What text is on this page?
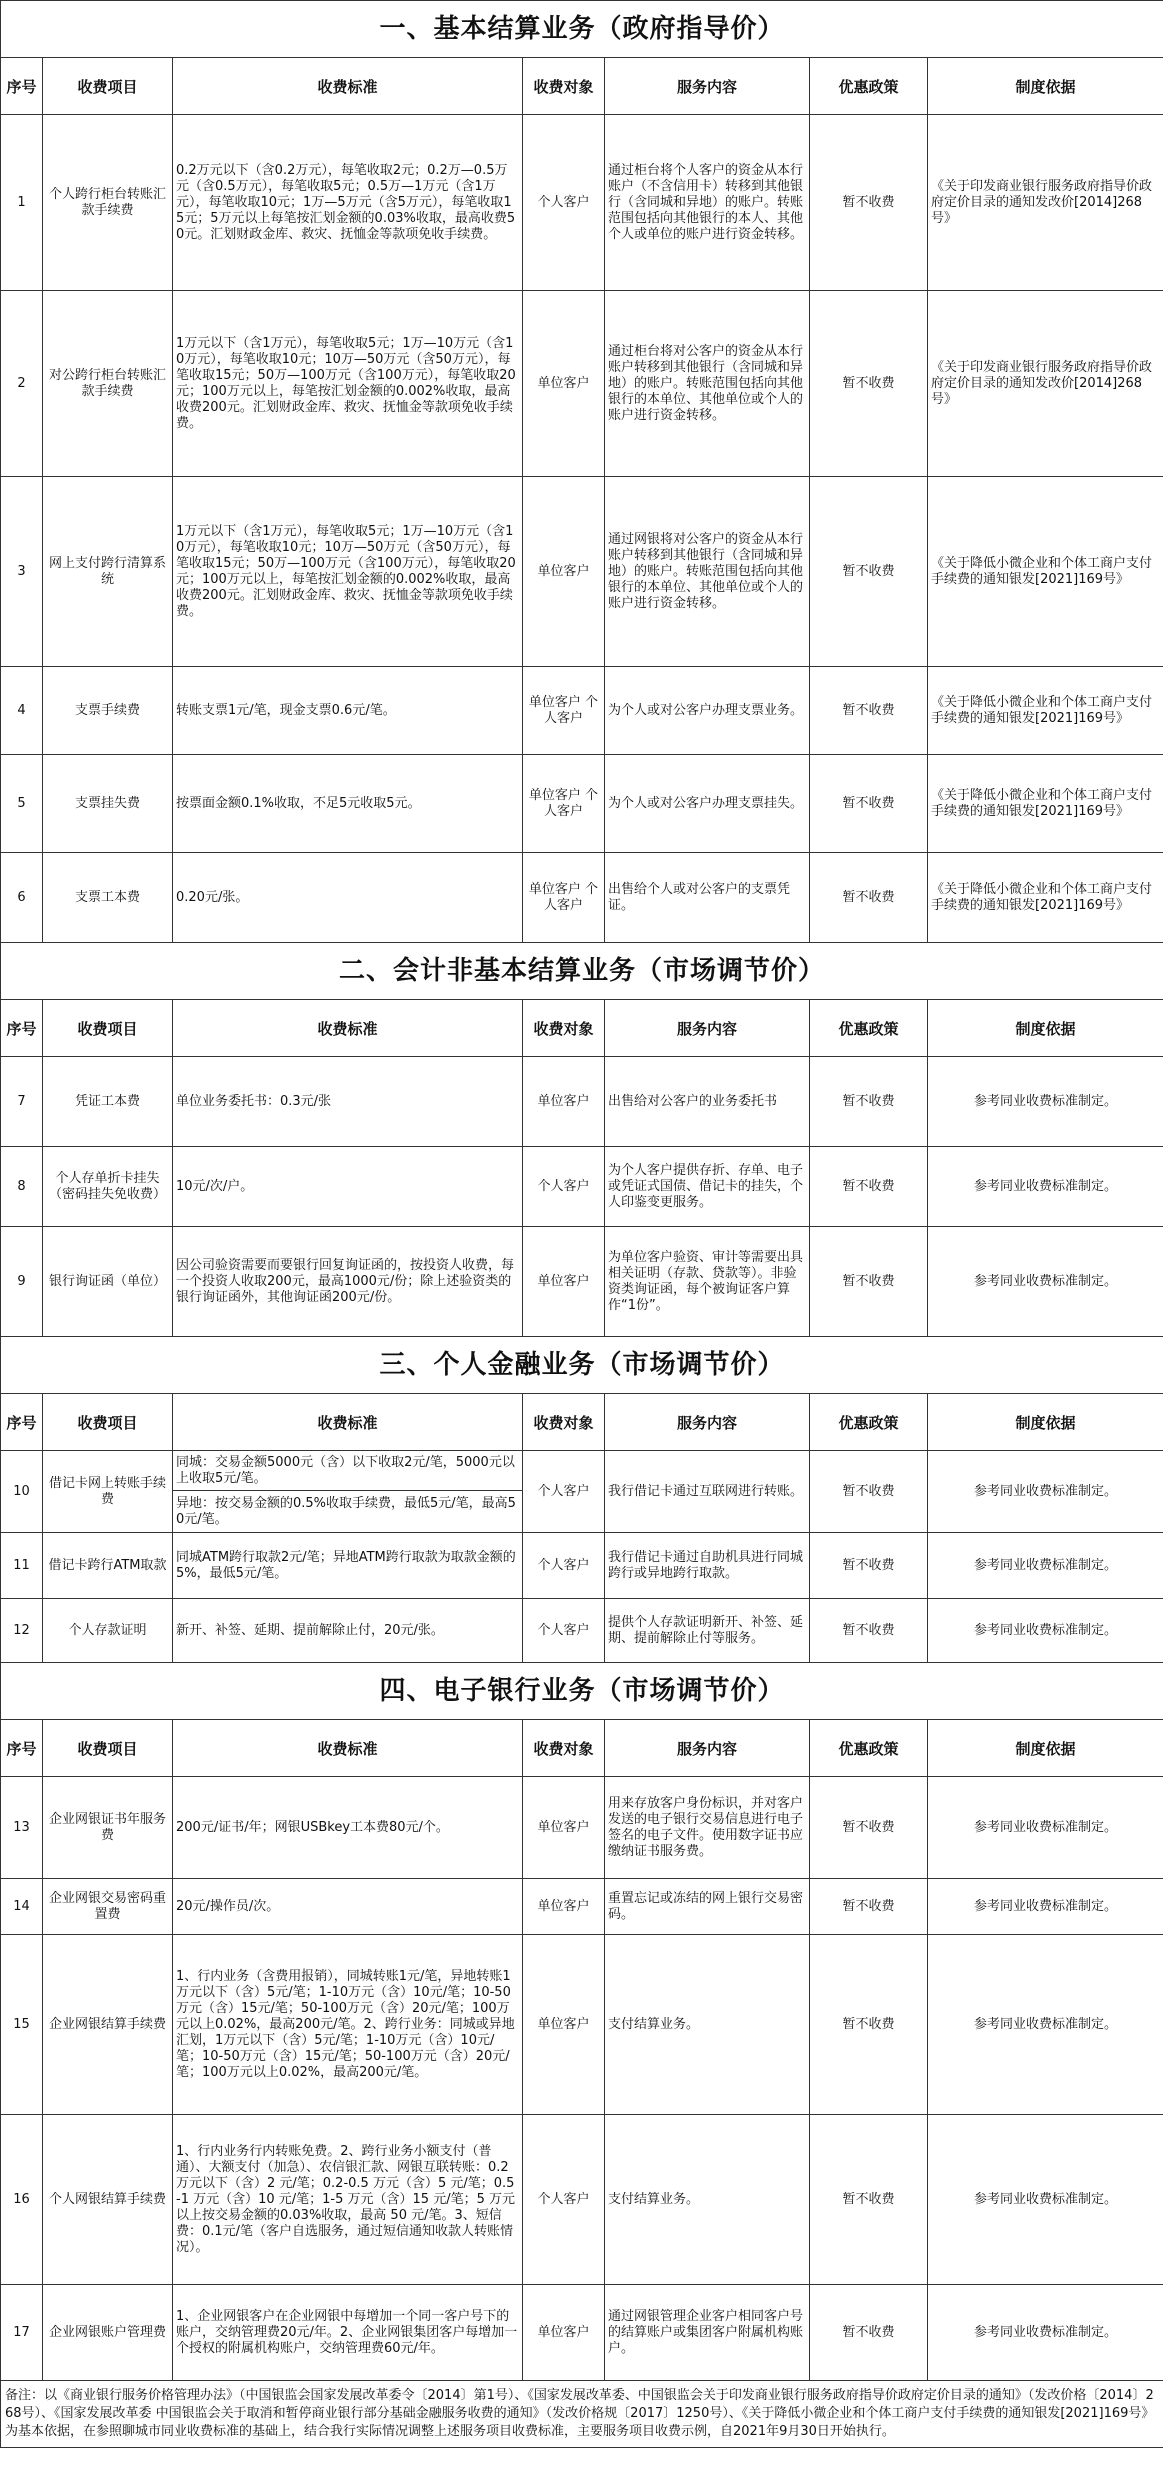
一、基本结算业务（政府指导价）						
序号	收费项目	收费标准	收费对象	服务内容	优惠政策	制度依据
1	个人跨行柜台转账汇款手续费	0.2万元以下（含0.2万元），每笔收取2元；0.2万—0.5万元（含0.5万元），每笔收取5元；0.5万—1万元（含1万元），每笔收取10元；1万—5万元（含5万元），每笔收取15元；5万元以上每笔按汇划金额的0.03%收取，最高收费50元。汇划财政金库、救灾、抚恤金等款项免收手续费。	个人客户	通过柜台将个人客户的资金从本行账户（不含信用卡）转移到其他银行（含同城和异地）的账户。转账范围包括向其他银行的本人、其他个人或单位的账户进行资金转移。	暂不收费	《关于印发商业银行服务政府指导价政府定价目录的通知发改价[2014]268号》
2	对公跨行柜台转账汇款手续费	1万元以下（含1万元），每笔收取5元；1万—10万元（含10万元），每笔收取10元；10万—50万元（含50万元），每笔收取15元；50万—100万元（含100万元），每笔收取20元；100万元以上，每笔按汇划金额的0.002%收取，最高收费200元。汇划财政金库、救灾、抚恤金等款项免收手续费。	单位客户	通过柜台将对公客户的资金从本行账户转移到其他银行（含同城和异地）的账户。转账范围包括向其他银行的本单位、其他单位或个人的账户进行资金转移。	暂不收费	《关于印发商业银行服务政府指导价政府定价目录的通知发改价[2014]268号》
3	网上支付跨行清算系统	1万元以下（含1万元），每笔收取5元；1万—10万元（含10万元），每笔收取10元；10万—50万元（含50万元），每笔收取15元；50万—100万元（含100万元），每笔收取20元；100万元以上，每笔按汇划金额的0.002%收取，最高收费200元。汇划财政金库、救灾、抚恤金等款项免收手续费。	单位客户	通过网银将对公客户的资金从本行账户转移到其他银行（含同城和异地）的账户。转账范围包括向其他银行的本单位、其他单位或个人的账户进行资金转移。	暂不收费	《关于降低小微企业和个体工商户支付手续费的通知银发[2021]169号》
4	支票手续费	转账支票1元/笔，现金支票0.6元/笔。	单位客户 个人客户	为个人或对公客户办理支票业务。	暂不收费	《关于降低小微企业和个体工商户支付手续费的通知银发[2021]169号》
5	支票挂失费	按票面金额0.1%收取，不足5元收取5元。	单位客户 个人客户	为个人或对公客户办理支票挂失。	暂不收费	《关于降低小微企业和个体工商户支付手续费的通知银发[2021]169号》
6	支票工本费	0.20元/张。	单位客户 个人客户	出售给个人或对公客户的支票凭证。	暂不收费	《关于降低小微企业和个体工商户支付手续费的通知银发[2021]169号》
二、会计非基本结算业务（市场调节价）						
序号	收费项目	收费标准	收费对象	服务内容	优惠政策	制度依据
7	凭证工本费	单位业务委托书：0.3元/张	单位客户	出售给对公客户的业务委托书	暂不收费	参考同业收费标准制定。
8	个人存单折卡挂失（密码挂失免收费）	10元/次/户。	个人客户	为个人客户提供存折、存单、电子或凭证式国债、借记卡的挂失，个人印鉴变更服务。	暂不收费	参考同业收费标准制定。
9	银行询证函（单位）	因公司验资需要而要银行回复询证函的，按投资人收费，每一个投资人收取200元，最高1000元/份；除上述验资类的银行询证函外，其他询证函200元/份。	单位客户	为单位客户验资、审计等需要出具相关证明（存款、贷款等）。非验资类询证函，每个被询证客户算作“1份”。	暂不收费	参考同业收费标准制定。
三、个人金融业务（市场调节价）						
序号	收费项目	收费标准	收费对象	服务内容	优惠政策	制度依据
10	借记卡网上转账手续费	同城：交易金额5000元（含）以下收取2元/笔，5000元以上收取5元/笔。	个人客户	我行借记卡通过互联网进行转账。	暂不收费	参考同业收费标准制定。
		异地：按交易金额的0.5%收取手续费，最低5元/笔，最高50元/笔。				
11	借记卡跨行ATM取款	同城ATM跨行取款2元/笔；异地ATM跨行取款为取款金额的5%，最低5元/笔。	个人客户	我行借记卡通过自助机具进行同城跨行或异地跨行取款。	暂不收费	参考同业收费标准制定。
12	个人存款证明	新开、补签、延期、提前解除止付，20元/张。	个人客户	提供个人存款证明新开、补签、延期、提前解除止付等服务。	暂不收费	参考同业收费标准制定。
四、电子银行业务（市场调节价）						
序号	收费项目	收费标准	收费对象	服务内容	优惠政策	制度依据
13	企业网银证书年服务费	200元/证书/年；网银USBkey工本费80元/个。	单位客户	用来存放客户身份标识，并对客户发送的电子银行交易信息进行电子签名的电子文件。使用数字证书应缴纳证书服务费。	暂不收费	参考同业收费标准制定。
14	企业网银交易密码重置费	20元/操作员/次。	单位客户	重置忘记或冻结的网上银行交易密码。	暂不收费	参考同业收费标准制定。
15	企业网银结算手续费	1、行内业务（含费用报销），同城转账1元/笔，异地转账1万元以下（含）5元/笔；1-10万元（含）10元/笔；10-50万元（含）15元/笔；50-100万元（含）20元/笔；100万元以上0.02%，最高200元/笔。2、跨行业务：同城或异地汇划，1万元以下（含）5元/笔；1-10万元（含）10元/笔；10-50万元（含）15元/笔；50-100万元（含）20元/笔；100万元以上0.02%，最高200元/笔。	单位客户	支付结算业务。	暂不收费	参考同业收费标准制定。
16	个人网银结算手续费	1、行内业务行内转账免费。2、跨行业务小额支付（普通）、大额支付（加急）、农信银汇款、网银互联转账：0.2 万元以下（含）2 元/笔；0.2-0.5 万元（含）5 元/笔；0.5-1 万元（含）10 元/笔；1-5 万元（含）15 元/笔；5 万元以上按交易金额的0.03%收取，最高 50 元/笔。3、短信费：0.1元/笔（客户自选服务，通过短信通知收款人转账情况）。	个人客户	支付结算业务。	暂不收费	参考同业收费标准制定。
17	企业网银账户管理费	1、企业网银客户在企业网银中每增加一个同一客户号下的账户，交纳管理费20元/年。2、企业网银集团客户每增加一个授权的附属机构账户，交纳管理费60元/年。	单位客户	通过网银管理企业客户相同客户号的结算账户或集团客户附属机构账户。	暂不收费	参考同业收费标准制定。
备注：以《商业银行服务价格管理办法》（中国银监会国家发展改革委令〔2014〕第1号）、《国家发展改革委、中国银监会关于印发商业银行服务政府指导价政府定价目录的通知》（发改价格〔2014〕268号）、《国家发展改革委 中国银监会关于取消和暂停商业银行部分基础金融服务收费的通知》（发改价格规〔2017〕1250号）、《关于降低小微企业和个体工商户支付手续费的通知银发[2021]169号》为基本依据，在参照聊城市同业收费标准的基础上，结合我行实际情况调整上述服务项目收费标准，主要服务项目收费示例，自2021年9月30日开始执行。						
